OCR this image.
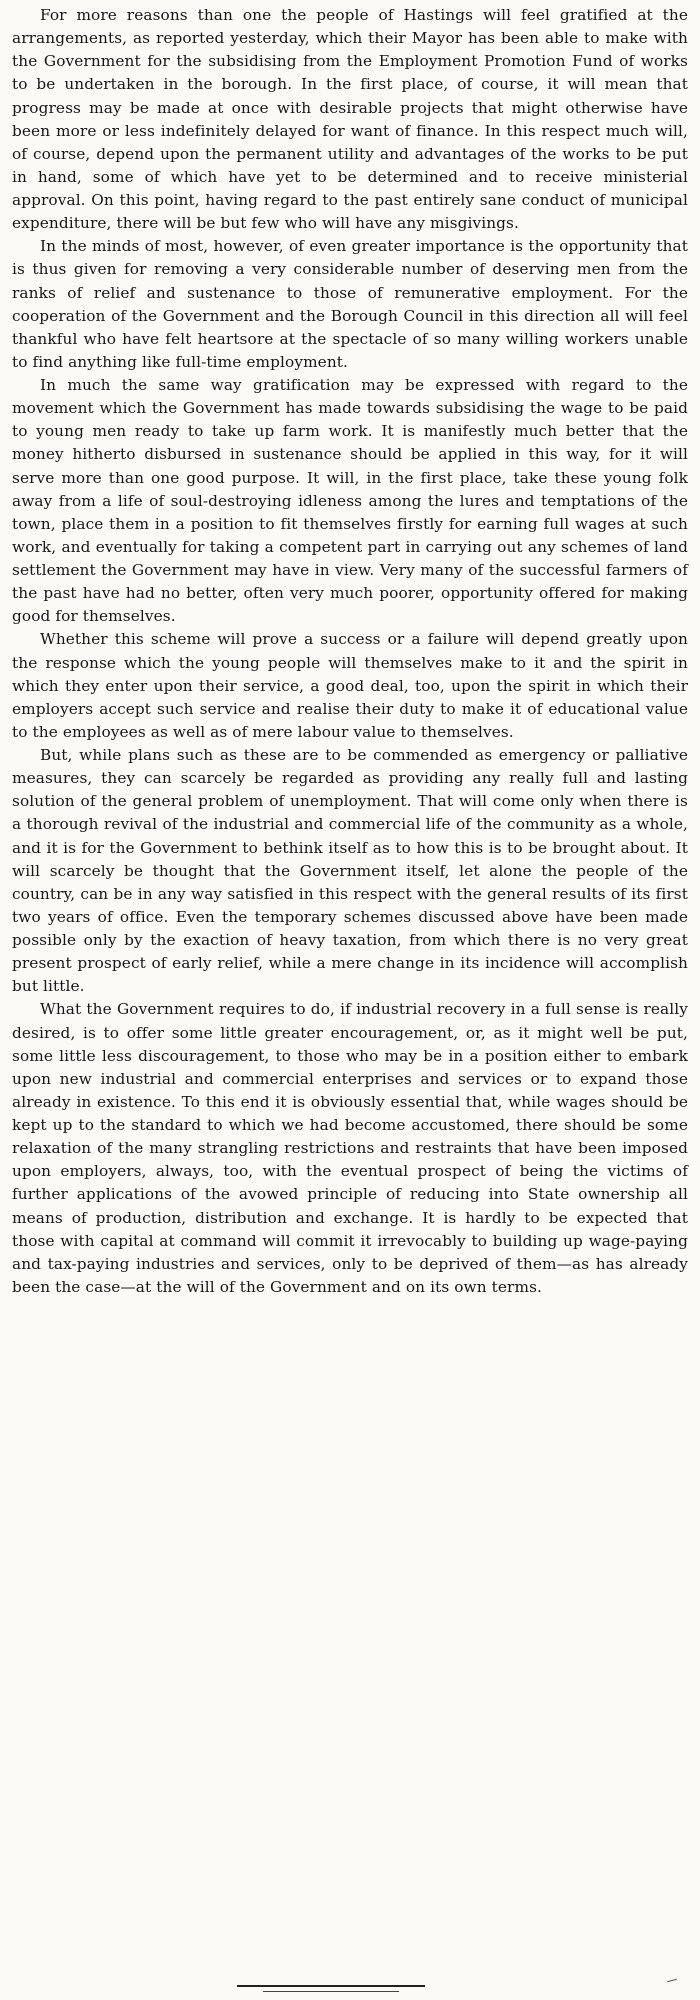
For more reasons than one the people of Hastings will feel gratified at the arrangements, as reported yesterday, which their Mayor has been able to make with the Government for the subsidising from the Employment Promotion Fund of works to be undertaken in the borough. In the first place, of course, it will mean that progress may be made at once with desirable projects that might otherwise have been more or less indefinitely delayed for want of finance. In this respect much will, of course, depend upon the permanent utility and advantages of the works to be put in hand, some of which have yet to be determined and to receive ministerial approval. On this point, having regard to the past entirely sane conduct of municipal expenditure, there will be but few who will have any misgivings.

In the minds of most, however, of even greater importance is the opportunity that is thus given for removing a very considerable number of deserving men from the ranks of relief and sustenance to those of remunerative employment. For the cooperation of the Government and the Borough Council in this direction all will feel thankful who have felt heartsore at the spectacle of so many willing workers unable to find anything like full-time employment.

In much the same way gratification may be expressed with regard to the movement which the Government has made towards subsidising the wage to be paid to young men ready to take up farm work. It is manifestly much better that the money hitherto disbursed in sustenance should be applied in this way, for it will serve more than one good purpose. It will, in the first place, take these young folk away from a life of soul-destroying idleness among the lures and temptations of the town, place them in a position to fit themselves firstly for earning full wages at such work, and eventually for taking a competent part in carrying out any schemes of land settlement the Government may have in view. Very many of the successful farmers of the past have had no better, often very much poorer, opportunity offered for making good for themselves.

Whether this scheme will prove a success or a failure will depend greatly upon the response which the young people will themselves make to it and the spirit in which they enter upon their service, a good deal, too, upon the spirit in which their employers accept such service and realise their duty to make it of educational value to the employees as well as of mere labour value to themselves.

But, while plans such as these are to be commended as emergency or palliative measures, they can scarcely be regarded as providing any really full and lasting solution of the general problem of unemployment. That will come only when there is a thorough revival of the industrial and commercial life of the community as a whole, and it is for the Government to bethink itself as to how this is to be brought about. It will scarcely be thought that the Government itself, let alone the people of the country, can be in any way satisfied in this respect with the general results of its first two years of office. Even the temporary schemes discussed above have been made possible only by the exaction of heavy taxation, from which there is no very great present prospect of early relief, while a mere change in its incidence will accomplish but little.

What the Government requires to do, if industrial recovery in a full sense is really desired, is to offer some little greater encouragement, or, as it might well be put, some little less discouragement, to those who may be in a position either to embark upon new industrial and commercial enterprises and services or to expand those already in existence. To this end it is obviously essential that, while wages should be kept up to the standard to which we had become accustomed, there should be some relaxation of the many strangling restrictions and restraints that have been imposed upon employers, always, too, with the eventual prospect of being the victims of further applications of the avowed principle of reducing into State ownership all means of production, distribution and exchange. It is hardly to be expected that those with capital at command will commit it irrevocably to building up wage-paying and tax-paying industries and services, only to be deprived of them—as has already been the case—at the will of the Government and on its own terms.
